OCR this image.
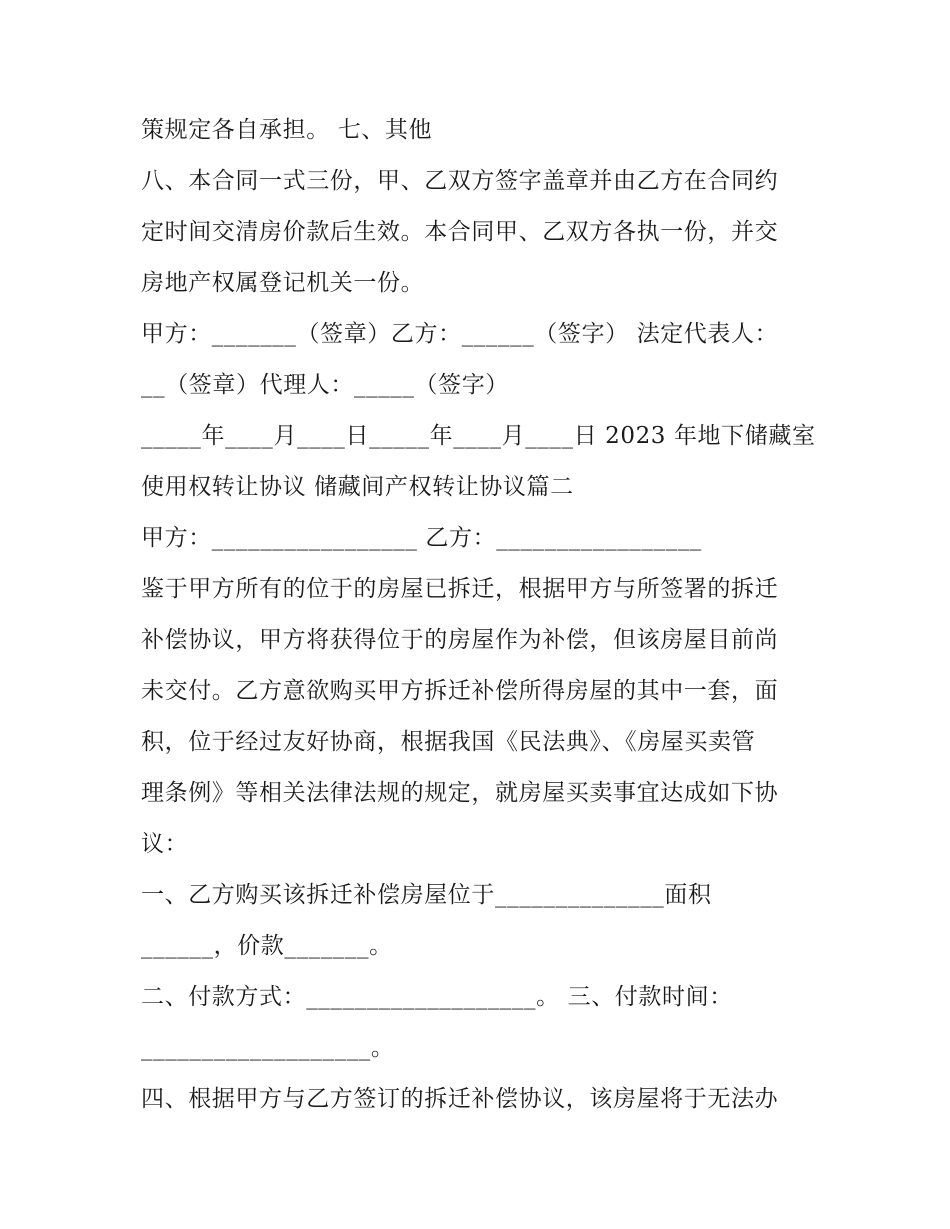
策规定各自承担。 七、其他
八、本合同一式三份，甲、乙双方签字盖章并由乙方在合同约
定时间交清房价款后生效。本合同甲、乙双方各执一份，并交
房地产权属登记机关一份。
甲方：_______（签章）乙方：______（签字） 法定代表人：
__（签章）代理人：_____（签字）
_____年____月____日_____年____月____日 2023 年地下储藏室
使用权转让协议 储藏间产权转让协议篇二
甲方：_________________ 乙方：_________________
鉴于甲方所有的位于的房屋已拆迁，根据甲方与所签署的拆迁
补偿协议，甲方将获得位于的房屋作为补偿，但该房屋目前尚
未交付。乙方意欲购买甲方拆迁补偿所得房屋的其中一套，面
积，位于经过友好协商，根据我国《民法典》、《房屋买卖管
理条例》等相关法律法规的规定，就房屋买卖事宜达成如下协
议：
一、乙方购买该拆迁补偿房屋位于______________面积
______，价款_______。
二、付款方式：___________________。 三、付款时间：
___________________。
四、根据甲方与乙方签订的拆迁补偿协议，该房屋将于无法办
